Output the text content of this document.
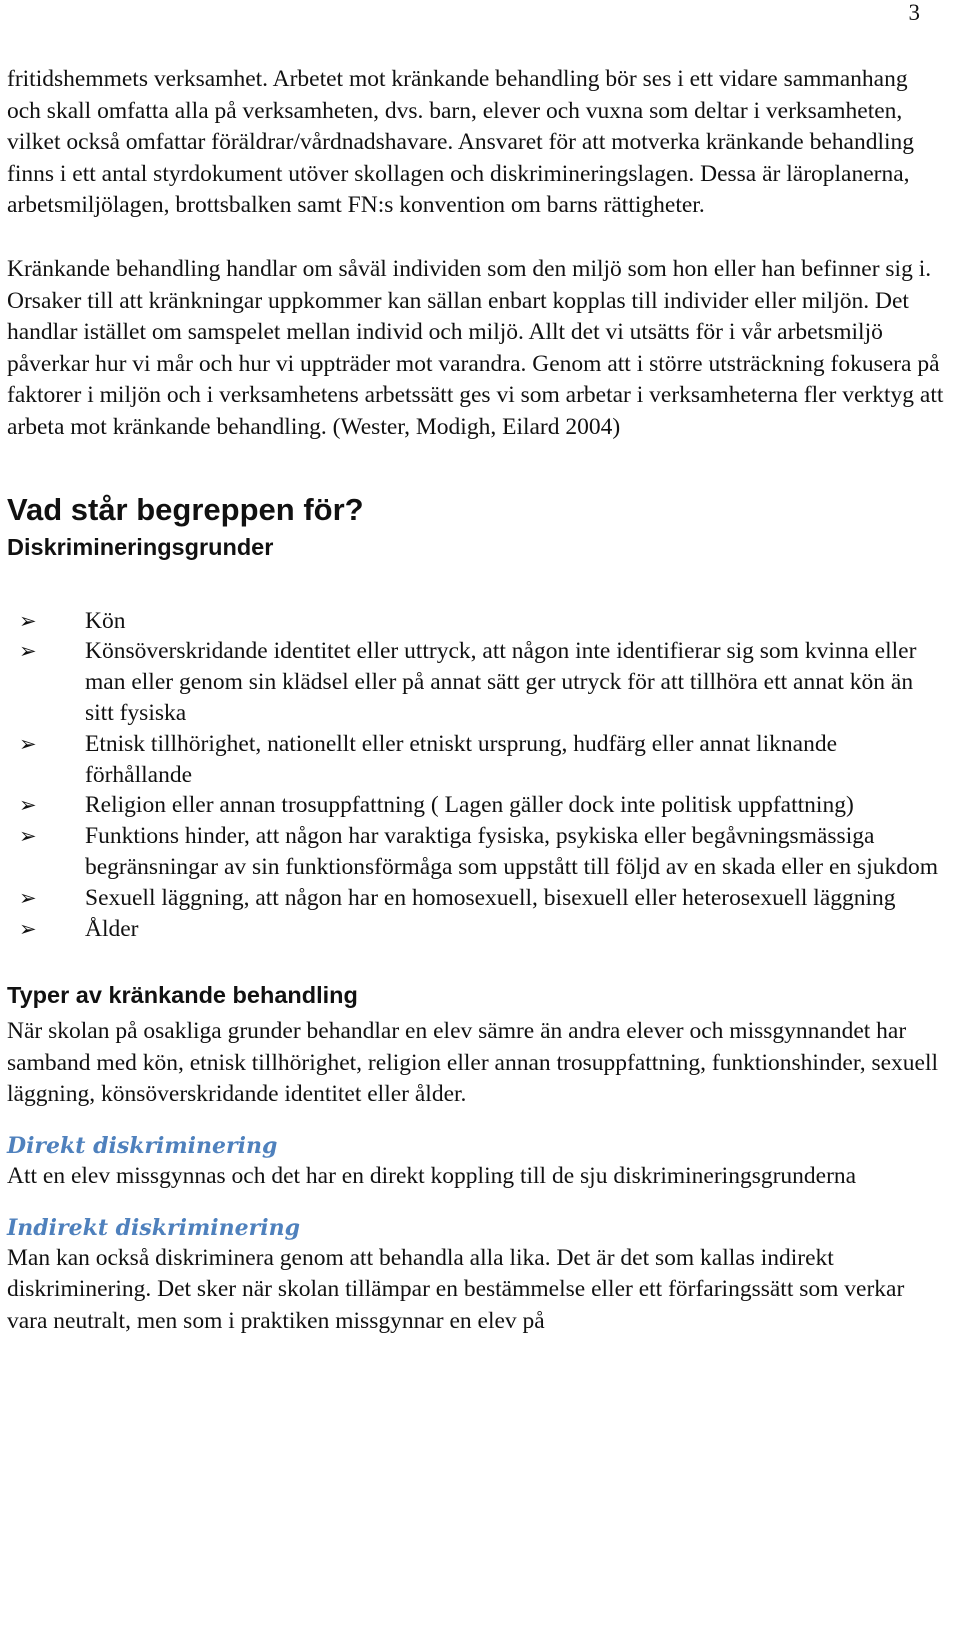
3

fritidshemmets verksamhet. Arbetet mot kränkande behandling bör ses i ett vidare sammanhang och skall omfatta alla på verksamheten, dvs. barn, elever och vuxna som deltar i verksamheten, vilket också omfattar föräldrar/vårdnadshavare. Ansvaret för att motverka kränkande behandling finns i ett antal styrdokument utöver skollagen och diskrimineringslagen. Dessa är läroplanerna, arbetsmiljölagen, brottsbalken samt FN:s konvention om barns rättigheter.

Kränkande behandling handlar om såväl individen som den miljö som hon eller han befinner sig i. Orsaker till att kränkningar uppkommer kan sällan enbart kopplas till individer eller miljön. Det handlar istället om samspelet mellan individ och miljö. Allt det vi utsätts för i vår arbetsmiljö påverkar hur vi mår och hur vi uppträder mot varandra. Genom att i större utsträckning fokusera på faktorer i miljön och i verksamhetens arbetssätt ges vi som arbetar i verksamheterna fler verktyg att arbeta mot kränkande behandling. (Wester, Modigh, Eilard 2004)

Vad står begreppen för?
Diskrimineringsgrunder
➢ Kön
➢ Könsöverskridande identitet eller uttryck, att någon inte identifierar sig som kvinna eller man eller genom sin klädsel eller på annat sätt ger utryck för att tillhöra ett annat kön än sitt fysiska
➢ Etnisk tillhörighet, nationellt eller etniskt ursprung, hudfärg eller annat liknande förhållande
➢ Religion eller annan trosuppfattning ( Lagen gäller dock inte politisk uppfattning)
➢ Funktions hinder, att någon har varaktiga fysiska, psykiska eller begåvningsmässiga begränsningar av sin funktionsförmåga som uppstått till följd av en skada eller en sjukdom
➢ Sexuell läggning, att någon har en homosexuell, bisexuell eller heterosexuell läggning
➢ Ålder
Typer av kränkande behandling

När skolan på osakliga grunder behandlar en elev sämre än andra elever och missgynnandet har samband med kön, etnisk tillhörighet, religion eller annan trosuppfattning, funktionshinder, sexuell läggning, könsöverskridande identitet eller ålder.

Direkt diskriminering

Att en elev missgynnas och det har en direkt koppling till de sju diskrimineringsgrunderna

Indirekt diskriminering

Man kan också diskriminera genom att behandla alla lika. Det är det som kallas indirekt diskriminering. Det sker när skolan tillämpar en bestämmelse eller ett förfaringssätt som verkar vara neutralt, men som i praktiken missgynnar en elev på
